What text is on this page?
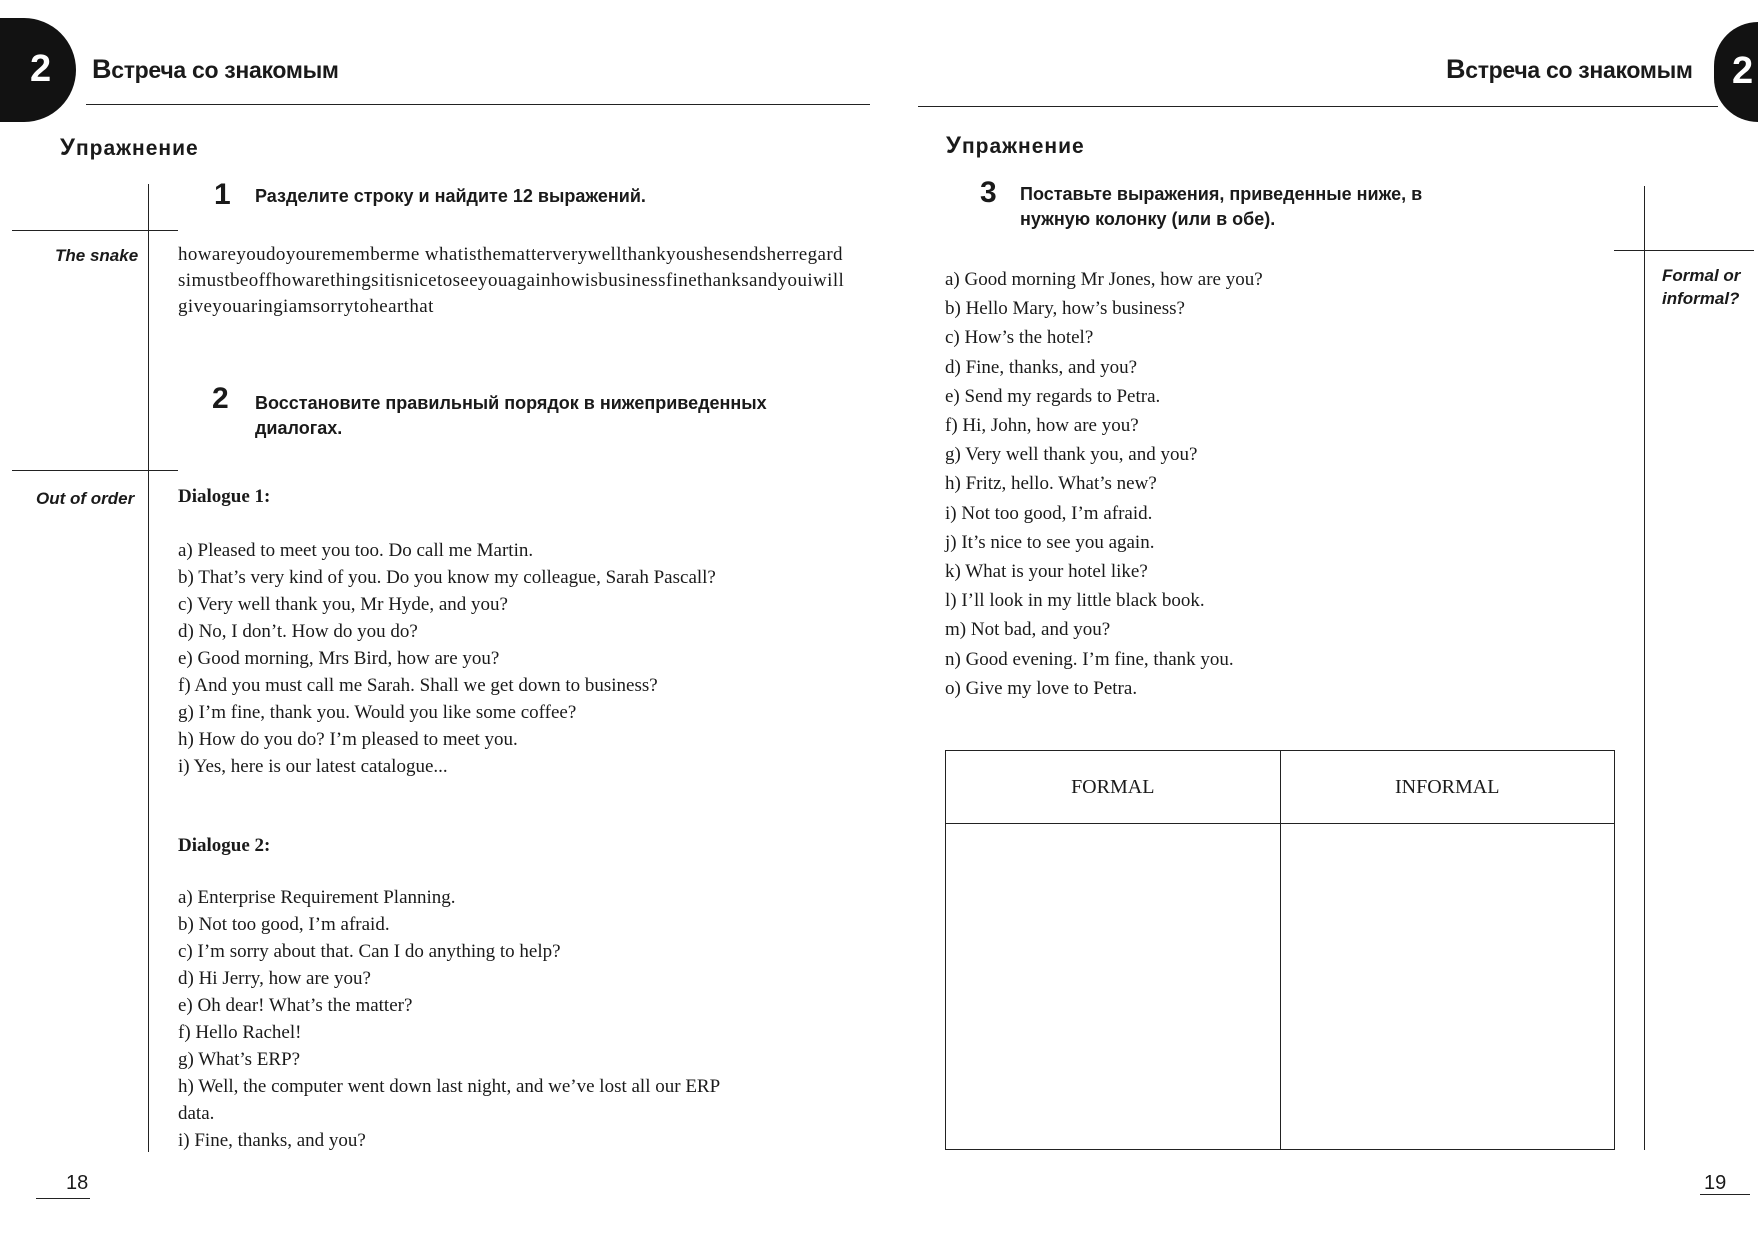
2 Встреча со знакомым
Упражнение
1 Разделите строку и найдите 12 выражений.
The snake howareyoudoyourememberme whatisthematterverywellthankyoushesendsherregardsimustbeoffhowarethingsitisnicetoseeyouagainhowisbusinessfinethanksandyouiwillgiveyouaringiamsorrytohearthat
2 Восстановите правильный порядок в нижеприведенных диалогах.
Out of order Dialogue 1:
a) Pleased to meet you too. Do call me Martin.
b) That’s very kind of you. Do you know my colleague, Sarah Pascall?
c) Very well thank you, Mr Hyde, and you?
d) No, I don’t. How do you do?
e) Good morning, Mrs Bird, how are you?
f) And you must call me Sarah. Shall we get down to business?
g) I’m fine, thank you. Would you like some coffee?
h) How do you do? I’m pleased to meet you.
i) Yes, here is our latest catalogue...
Dialogue 2:
a) Enterprise Requirement Planning.
b) Not too good, I’m afraid.
c) I’m sorry about that. Can I do anything to help?
d) Hi Jerry, how are you?
e) Oh dear! What’s the matter?
f) Hello Rachel!
g) What’s ERP?
h) Well, the computer went down last night, and we’ve lost all our ERP data.
i) Fine, thanks, and you?
18
2
Встреча со знакомым
Упражнение
3 Поставьте выражения, приведенные ниже, в нужную колонку (или в обе).
Formal or informal?
a) Good morning Mr Jones, how are you?
b) Hello Mary, how’s business?
c) How’s the hotel?
d) Fine, thanks, and you?
e) Send my regards to Petra.
f) Hi, John, how are you?
g) Very well thank you, and you?
h) Fritz, hello. What’s new?
i) Not too good, I’m afraid.
j) It’s nice to see you again.
k) What is your hotel like?
l) I’ll look in my little black book.
m) Not bad, and you?
n) Good evening. I’m fine, thank you.
o) Give my love to Petra.
FORMAL	INFORMAL

19
